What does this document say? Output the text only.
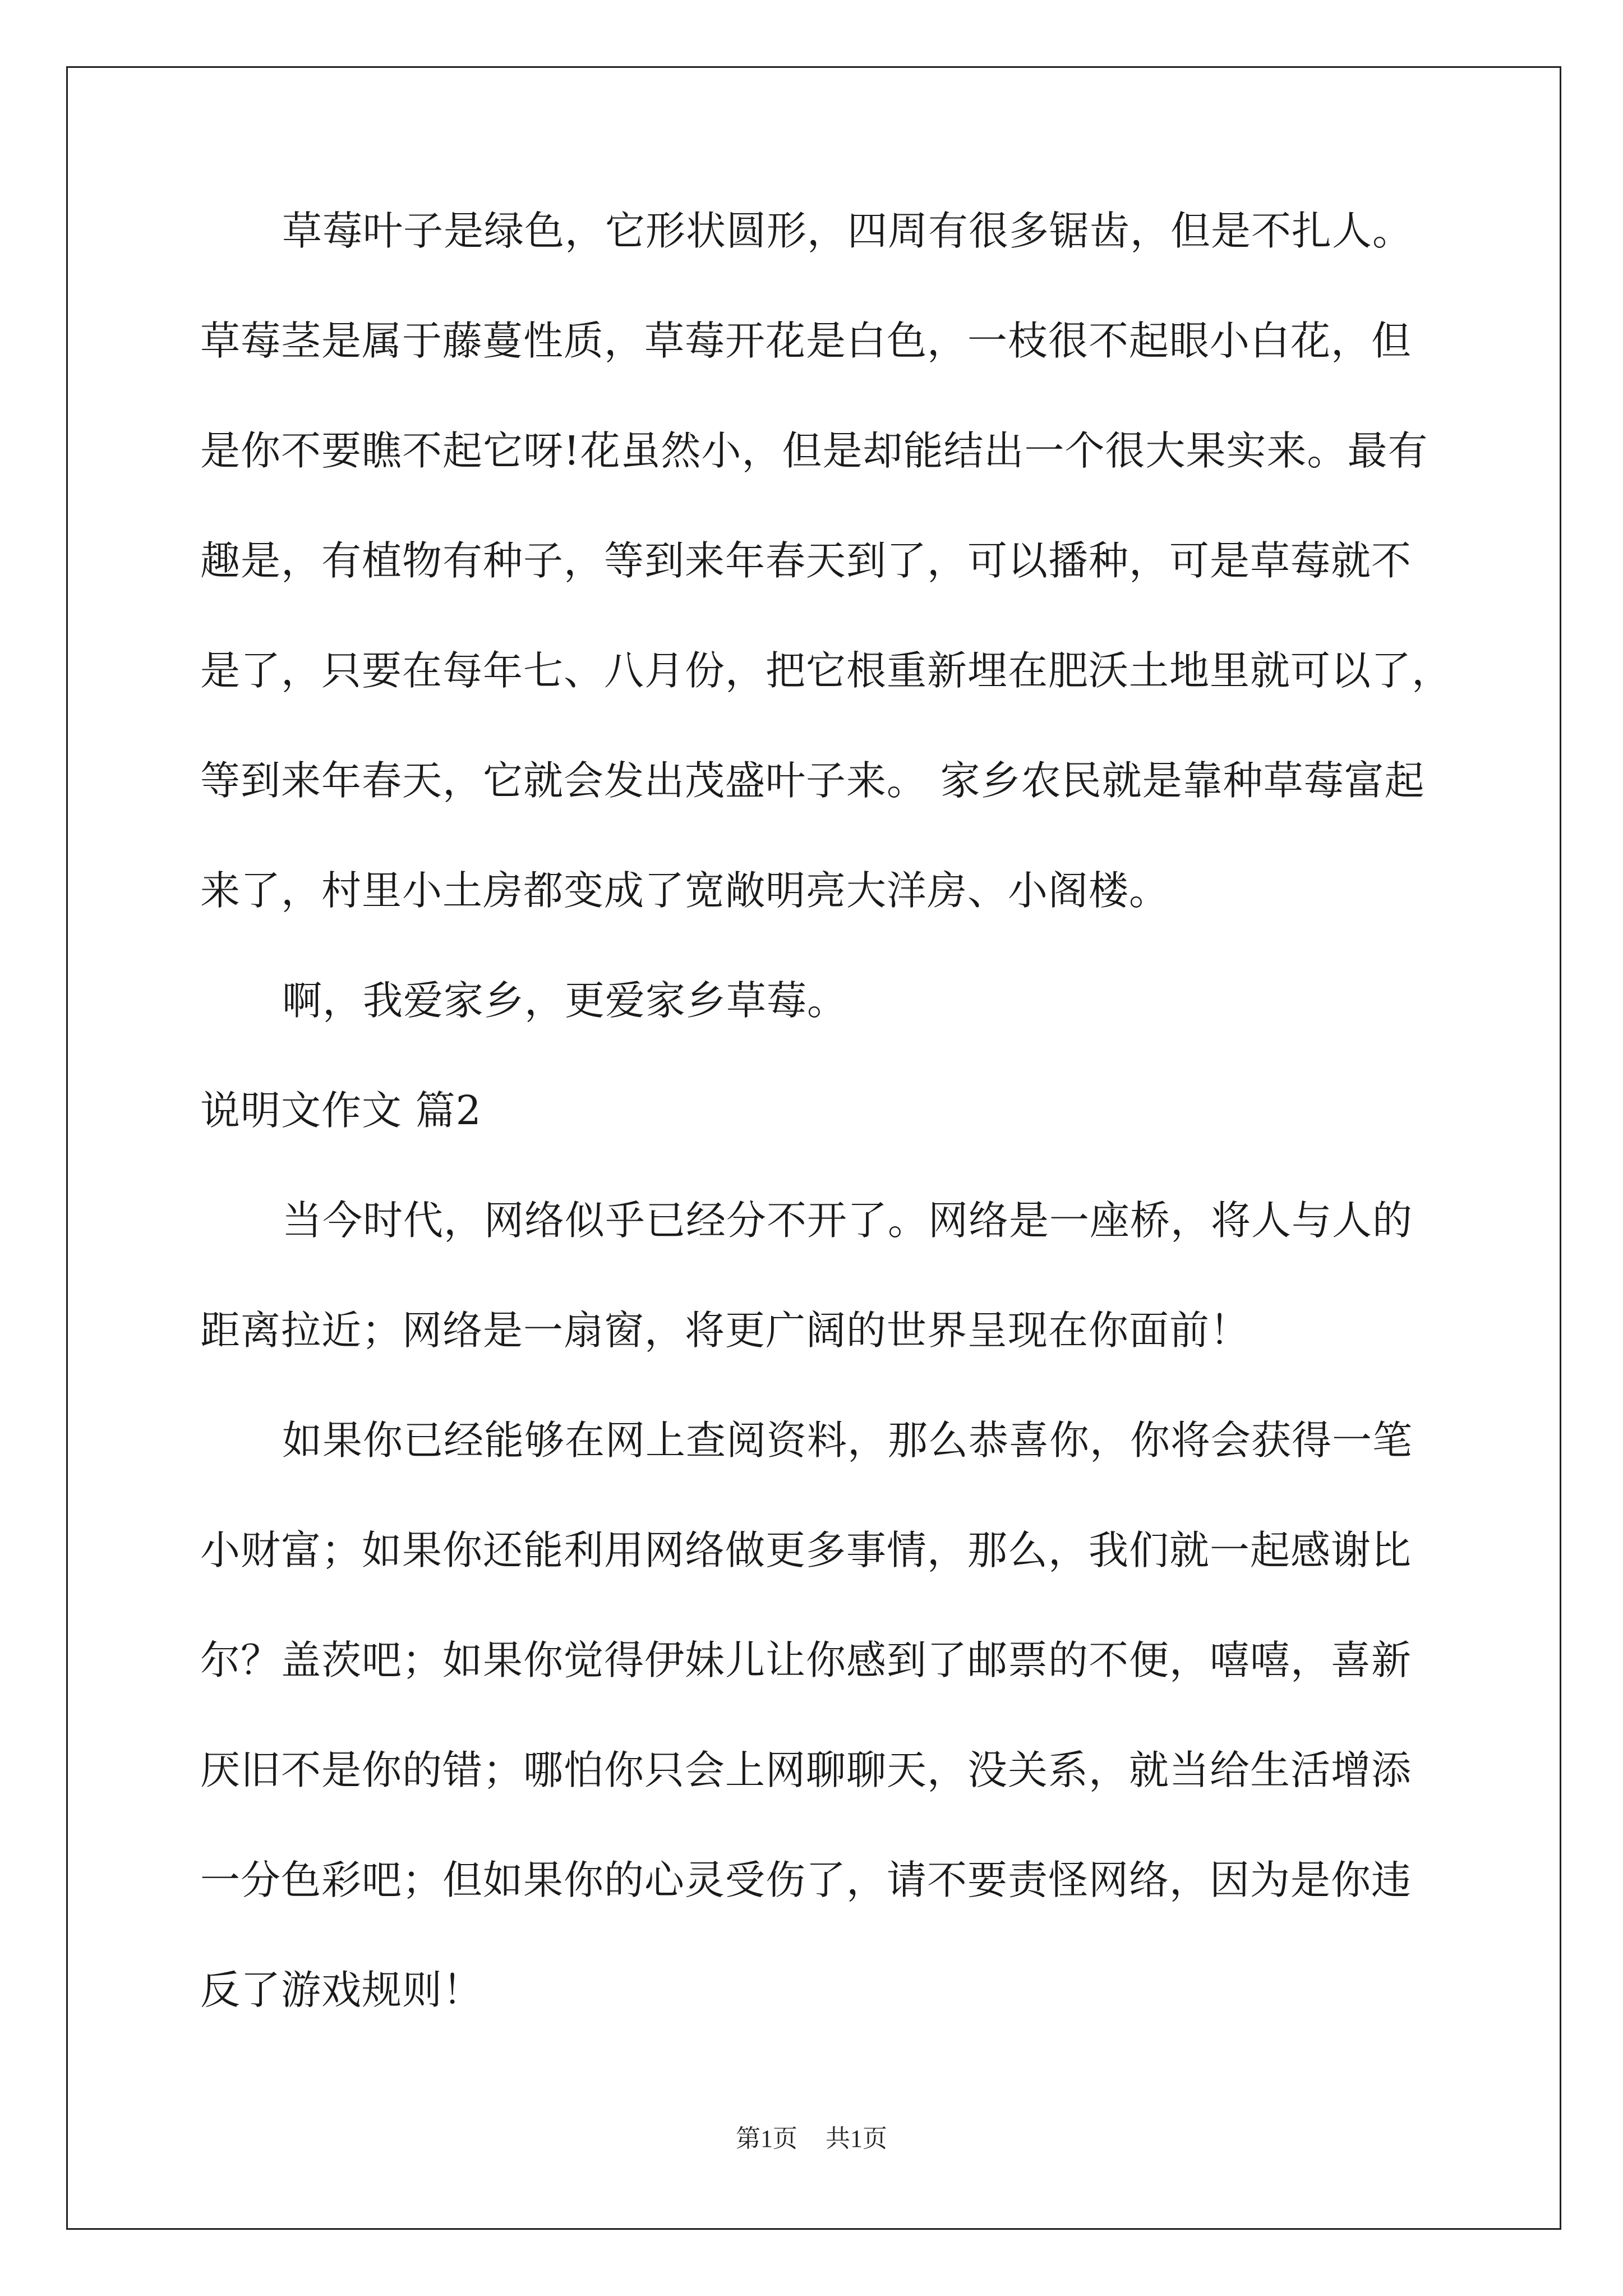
草莓叶子是绿色，它形状圆形，四周有很多锯齿，但是不扎人。
草莓茎是属于藤蔓性质，草莓开花是白色，一枝很不起眼小白花，但
是你不要瞧不起它呀!花虽然小，但是却能结出一个很大果实来。最有
趣是，有植物有种子，等到来年春天到了，可以播种，可是草莓就不
是了，只要在每年七、八月份，把它根重新埋在肥沃土地里就可以了，
等到来年春天，它就会发出茂盛叶子来。 家乡农民就是靠种草莓富起
来了，村里小土房都变成了宽敞明亮大洋房、小阁楼。
啊，我爱家乡，更爱家乡草莓。
说明文作文 篇2
当今时代，网络似乎已经分不开了。网络是一座桥，将人与人的
距离拉近；网络是一扇窗，将更广阔的世界呈现在你面前！
如果你已经能够在网上查阅资料，那么恭喜你，你将会获得一笔
小财富；如果你还能利用网络做更多事情，那么，我们就一起感谢比
尔？盖茨吧；如果你觉得伊妹儿让你感到了邮票的不便，嘻嘻，喜新
厌旧不是你的错；哪怕你只会上网聊聊天，没关系，就当给生活增添
一分色彩吧；但如果你的心灵受伤了，请不要责怪网络，因为是你违
反了游戏规则！
第1页 共1页
